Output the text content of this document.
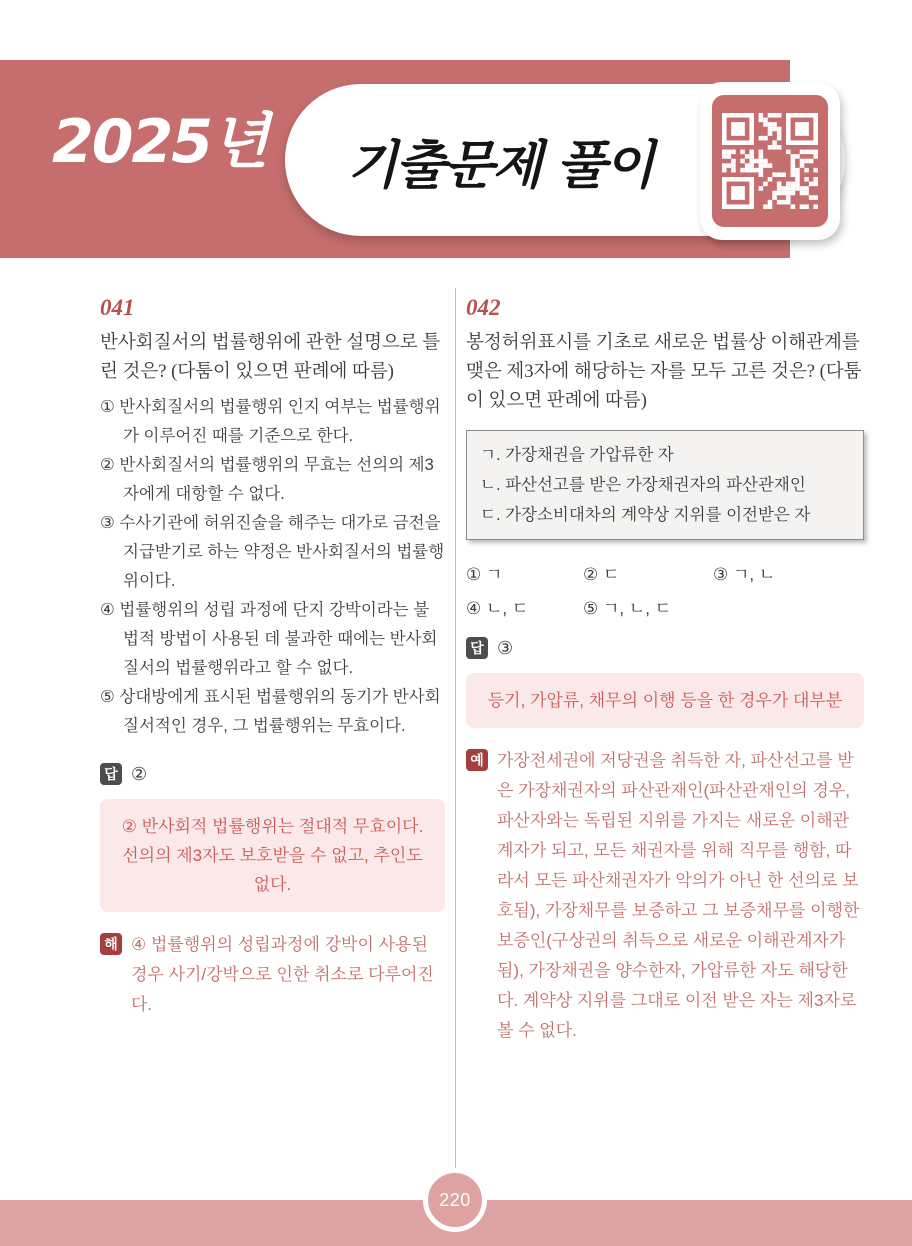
2025년	기출문제 풀이
041
반사회질서의 법률행위에 관한 설명으로 틀린 것은? (다툼이 있으면 판례에 따름)
① 반사회질서의 법률행위 인지 여부는 법률행위가 이루어진 때를 기준으로 한다.
② 반사회질서의 법률행위의 무효는 선의의 제3자에게 대항할 수 없다.
③ 수사기관에 허위진술을 해주는 대가로 금전을 지급받기로 하는 약정은 반사회질서의 법률행위이다.
④ 법률행위의 성립 과정에 단지 강박이라는 불법적 방법이 사용된 데 불과한 때에는 반사회질서의 법률행위라고 할 수 없다.
⑤ 상대방에게 표시된 법률행위의 동기가 반사회질서적인 경우, 그 법률행위는 무효이다.
답 ②
② 반사회적 법률행위는 절대적 무효이다. 선의의 제3자도 보호받을 수 없고, 추인도 없다.
해 ④ 법률행위의 성립과정에 강박이 사용된 경우 사기/강박으로 인한 취소로 다루어진다.
042
봉정허위표시를 기초로 새로운 법률상 이해관계를 맺은 제3자에 해당하는 자를 모두 고른 것은? (다툼이 있으면 판례에 따름)
ㄱ. 가장채권을 가압류한 자
ㄴ. 파산선고를 받은 가장채권자의 파산관재인
ㄷ. 가장소비대차의 계약상 지위를 이전받은 자
① ㄱ	② ㄷ	③ ㄱ, ㄴ
④ ㄴ, ㄷ	⑤ ㄱ, ㄴ, ㄷ
답 ③
등기, 가압류, 채무의 이행 등을 한 경우가 대부분
예 가장전세권에 저당권을 취득한 자, 파산선고를 받은 가장채권자의 파산관재인(파산관재인의 경우, 파산자와는 독립된 지위를 가지는 새로운 이해관계자가 되고, 모든 채권자를 위해 직무를 행함, 따라서 모든 파산채권자가 악의가 아닌 한 선의로 보호됨), 가장채무를 보증하고 그 보증채무를 이행한 보증인(구상권의 취득으로 새로운 이해관계자가 됨), 가장채권을 양수한자, 가압류한 자도 해당한다. 계약상 지위를 그대로 이전 받은 자는 제3자로 볼 수 없다.
220
